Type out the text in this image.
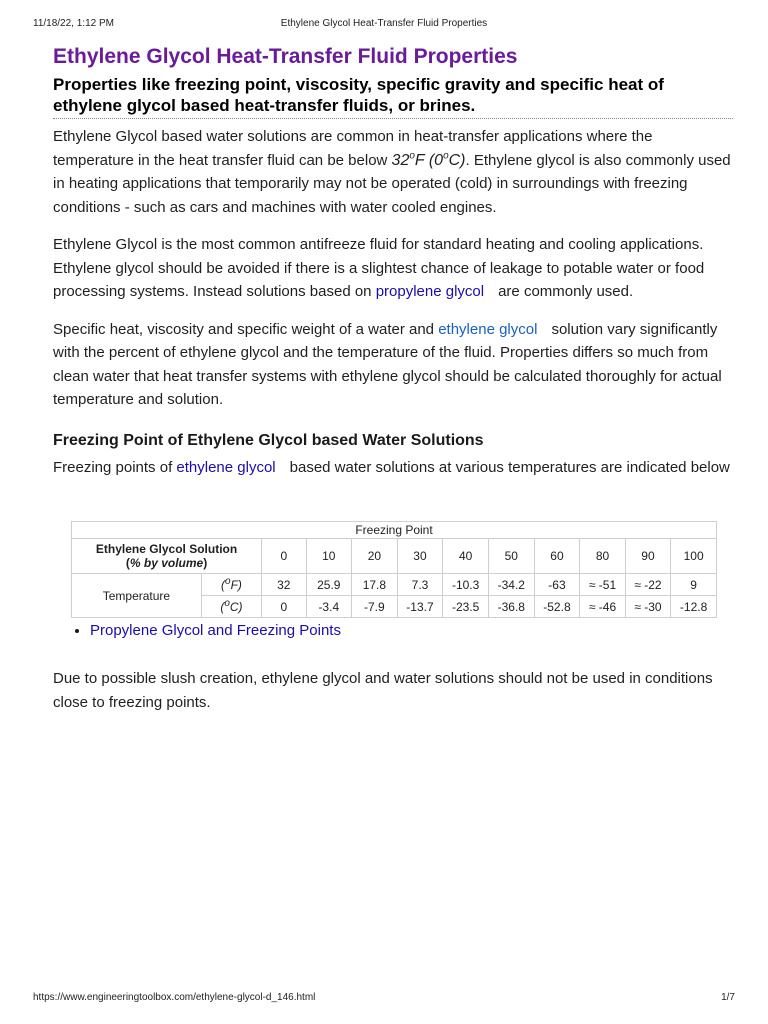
11/18/22, 1:12 PM	Ethylene Glycol Heat-Transfer Fluid Properties
Ethylene Glycol Heat-Transfer Fluid Properties
Properties like freezing point, viscosity, specific gravity and specific heat of ethylene glycol based heat-transfer fluids, or brines.

Ethylene Glycol based water solutions are common in heat-transfer applications where the temperature in the heat transfer fluid can be below 32$^o$F (0$^o$C). Ethylene glycol is also commonly used in heating applications that temporarily may not be operated (cold) in surroundings with freezing conditions - such as cars and machines with water cooled engines.

Ethylene Glycol is the most common antifreeze fluid for standard heating and cooling applications. Ethylene glycol should be avoided if there is a slightest chance of leakage to potable water or food processing systems. Instead solutions based on propylene glycol are commonly used.

Specific heat, viscosity and specific weight of a water and ethylene glycol solution vary significantly with the percent of ethylene glycol and the temperature of the fluid. Properties differs so much from clean water that heat transfer systems with ethylene glycol should be calculated thoroughly for actual temperature and solution.

Freezing Point of Ethylene Glycol based Water Solutions

Freezing points of ethylene glycol based water solutions at various temperatures are indicated below

Freezing Point											
Ethylene Glycol Solution
(% by volume)		0	10	20	30	40	50	60	80	90	100
Temperature	($^o$F)	32	25.9	17.8	7.3	-10.3	-34.2	-63	≈ -51	≈ -22	9
	($^o$C)	0	-3.4	-7.9	-13.7	-23.5	-36.8	-52.8	≈ -46	≈ -30	-12.8
• Propylene Glycol and Freezing Points

Due to possible slush creation, ethylene glycol and water solutions should not be used in conditions close to freezing points.

https://www.engineeringtoolbox.com/ethylene-glycol-d_146.html	1/7
